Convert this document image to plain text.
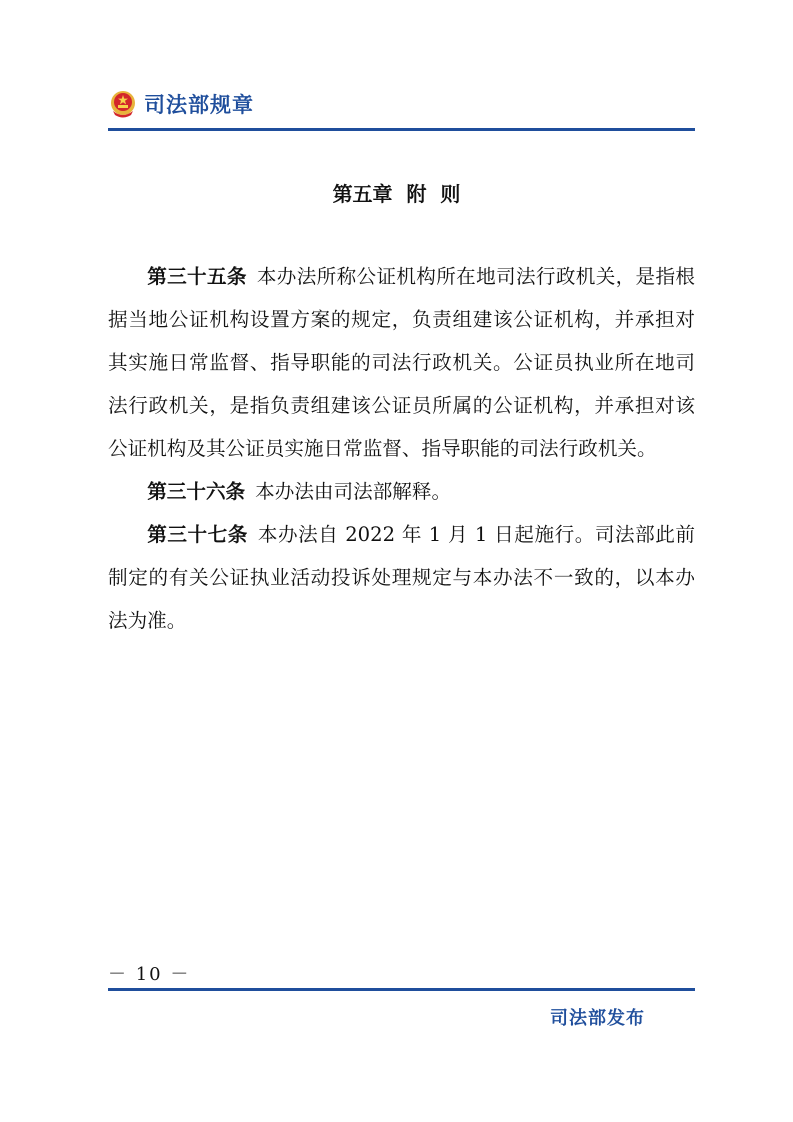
司法部规章
第五章  附  则

第三十五条 本办法所称公证机构所在地司法行政机关，是指根据当地公证机构设置方案的规定，负责组建该公证机构，并承担对其实施日常监督、指导职能的司法行政机关。公证员执业所在地司法行政机关，是指负责组建该公证员所属的公证机构，并承担对该公证机构及其公证员实施日常监督、指导职能的司法行政机关。

第三十六条 本办法由司法部解释。

第三十七条 本办法自 2022 年 1 月 1 日起施行。司法部此前制定的有关公证执业活动投诉处理规定与本办法不一致的，以本办法为准。

－ 10 －
司法部发布
